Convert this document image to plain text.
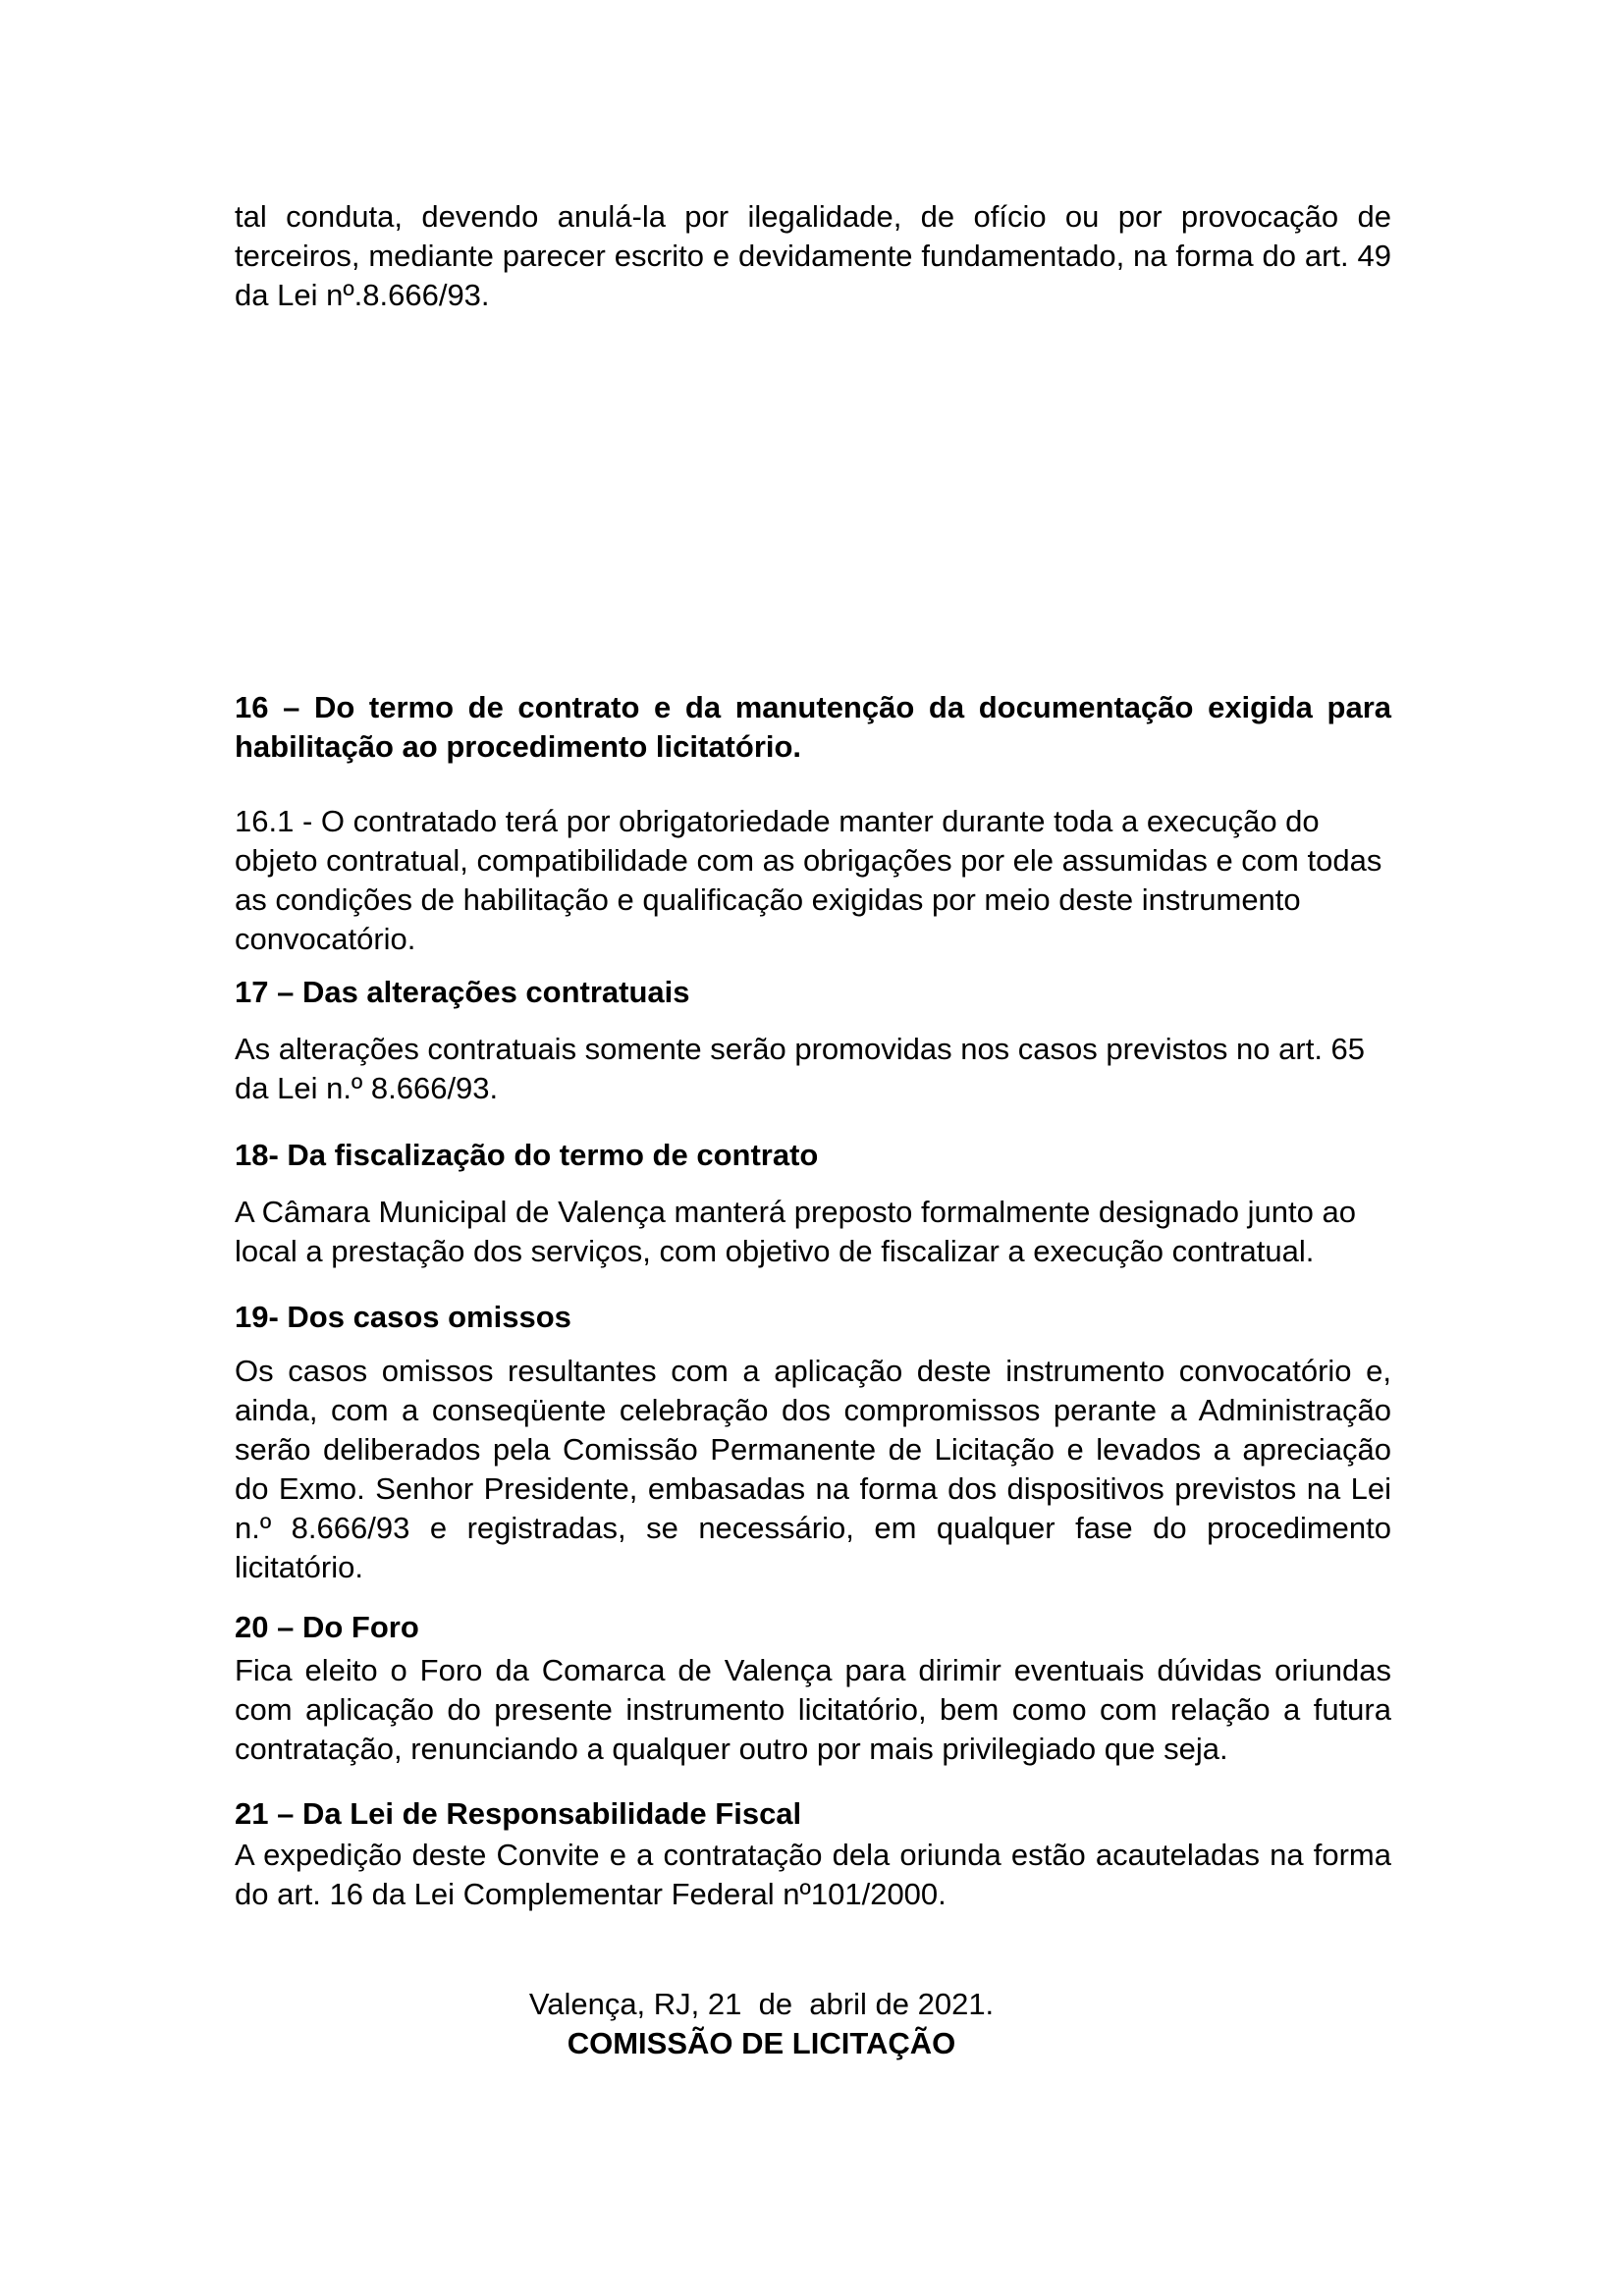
tal conduta, devendo anulá-la por ilegalidade, de ofício ou por provocação de terceiros, mediante parecer escrito e devidamente fundamentado, na forma do art. 49 da Lei nº.8.666/93.

16 – Do termo de contrato e da manutenção da documentação exigida para habilitação ao procedimento licitatório.

16.1 - O contratado terá por obrigatoriedade manter durante toda a execução do objeto contratual, compatibilidade com as obrigações por ele assumidas e com todas as condições de habilitação e qualificação exigidas por meio deste instrumento convocatório.

17 – Das alterações contratuais

As alterações contratuais somente serão promovidas nos casos previstos no art. 65 da Lei n.º 8.666/93.

18- Da fiscalização do termo de contrato

A Câmara Municipal de Valença manterá preposto formalmente designado junto ao local a prestação dos serviços, com objetivo de fiscalizar a execução contratual.

19- Dos casos omissos

Os casos omissos resultantes com a aplicação deste instrumento convocatório e, ainda, com a conseqüente celebração dos compromissos perante a Administração serão deliberados pela Comissão Permanente de Licitação e levados a apreciação do Exmo. Senhor Presidente, embasadas na forma dos dispositivos previstos na Lei n.º 8.666/93 e registradas, se necessário, em qualquer fase do procedimento licitatório.

20 – Do Foro

Fica eleito o Foro da Comarca de Valença para dirimir eventuais dúvidas oriundas com aplicação do presente instrumento licitatório, bem como com relação a futura contratação, renunciando a qualquer outro por mais privilegiado que seja.

21 – Da Lei de Responsabilidade Fiscal

A expedição deste Convite e a contratação dela oriunda estão acauteladas na forma do art. 16 da Lei Complementar Federal nº101/2000.

Valença, RJ, 21  de  abril de 2021.

COMISSÃO DE LICITAÇÃO
